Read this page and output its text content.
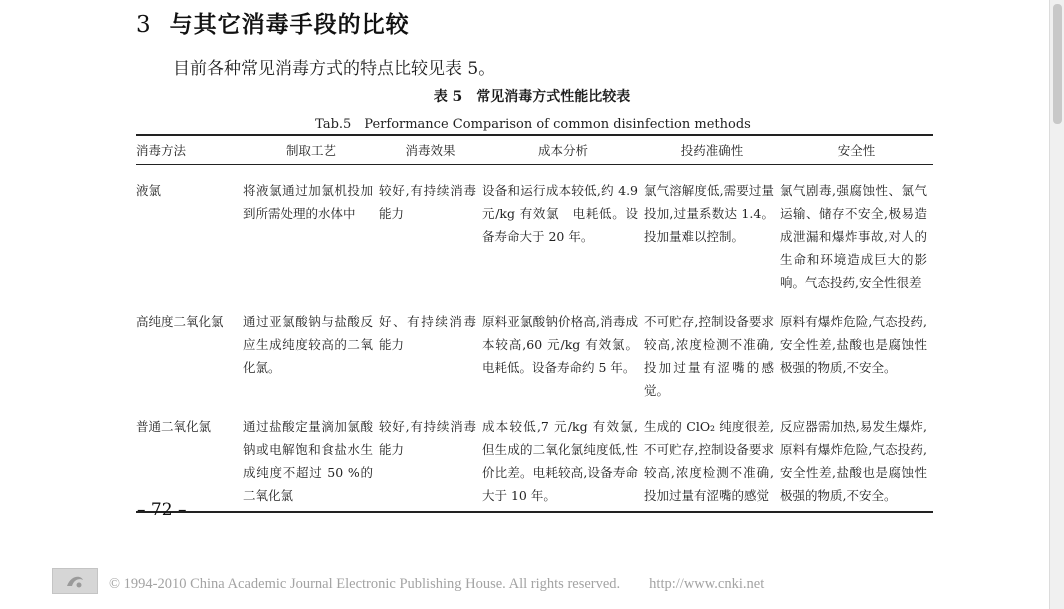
3 与其它消毒手段的比较
目前各种常见消毒方式的特点比较见表 5。
表 5　常见消毒方式性能比较表
Tab.5　Performance Comparison of common disinfection methods
消毒方法	制取工艺	消毒效果	成本分析	投药准确性	安全性
液氯	将液氯通过加氯机投加到所需处理的水体中	较好,有持续消毒能力	设备和运行成本较低,约 4.9 元/kg 有效氯　电耗低。设备寿命大于 20 年。	氯气溶解度低,需要过量投加,过量系数达 1.4。投加量难以控制。	氯气剧毒,强腐蚀性、氯气运输、储存不安全,极易造成泄漏和爆炸事故,对人的生命和环境造成巨大的影响。气态投药,安全性很差
高纯度二氧化氯	通过亚氯酸钠与盐酸反应生成纯度较高的二氧化氯。	好、有持续消毒能力	原料亚氯酸钠价格高,消毒成本较高,60 元/kg 有效氯。电耗低。设备寿命约 5 年。	不可贮存,控制设备要求较高,浓度检测不准确,投加过量有涩嘴的感觉。	原料有爆炸危险,气态投药,安全性差,盐酸也是腐蚀性极强的物质,不安全。
普通二氧化氯	通过盐酸定量滴加氯酸钠或电解饱和食盐水生成纯度不超过 50 %的二氧化氯	较好,有持续消毒能力	成本较低,7 元/kg 有效氯,但生成的二氧化氯纯度低,性价比差。电耗较高,设备寿命大于 10 年。	生成的 ClO₂ 纯度很差,不可贮存,控制设备要求较高,浓度检测不准确,投加过量有涩嘴的感觉	反应器需加热,易发生爆炸,原料有爆炸危险,气态投药,安全性差,盐酸也是腐蚀性极强的物质,不安全。
– 72 –
© 1994-2010 China Academic Journal Electronic Publishing House. All rights reserved.　　http://www.cnki.net
